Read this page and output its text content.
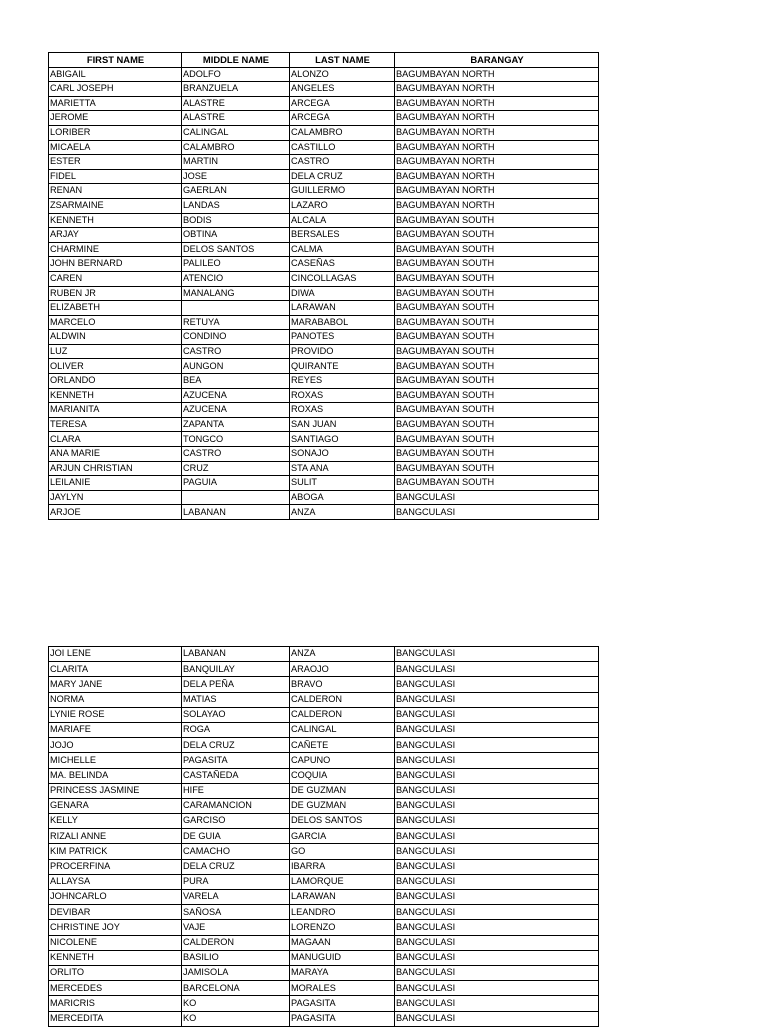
FIRST NAME	MIDDLE NAME	LAST NAME	BARANGAY
ABIGAIL	ADOLFO	ALONZO	BAGUMBAYAN NORTH
CARL JOSEPH	BRANZUELA	ANGELES	BAGUMBAYAN NORTH
MARIETTA	ALASTRE	ARCEGA	BAGUMBAYAN NORTH
JEROME	ALASTRE	ARCEGA	BAGUMBAYAN NORTH
LORIBER	CALINGAL	CALAMBRO	BAGUMBAYAN NORTH
MICAELA	CALAMBRO	CASTILLO	BAGUMBAYAN NORTH
ESTER	MARTIN	CASTRO	BAGUMBAYAN NORTH
FIDEL	JOSE	DELA CRUZ	BAGUMBAYAN NORTH
RENAN	GAERLAN	GUILLERMO	BAGUMBAYAN NORTH
ZSARMAINE	LANDAS	LAZARO	BAGUMBAYAN NORTH
KENNETH	BODIS	ALCALA	BAGUMBAYAN SOUTH
ARJAY	OBTINA	BERSALES	BAGUMBAYAN SOUTH
CHARMINE	DELOS SANTOS	CALMA	BAGUMBAYAN SOUTH
JOHN BERNARD	PALILEO	CASEÑAS	BAGUMBAYAN SOUTH
CAREN	ATENCIO	CINCOLLAGAS	BAGUMBAYAN SOUTH
RUBEN JR	MANALANG	DIWA	BAGUMBAYAN SOUTH
ELIZABETH		LARAWAN	BAGUMBAYAN SOUTH
MARCELO	RETUYA	MARABABOL	BAGUMBAYAN SOUTH
ALDWIN	CONDINO	PANOTES	BAGUMBAYAN SOUTH
LUZ	CASTRO	PROVIDO	BAGUMBAYAN SOUTH
OLIVER	AUNGON	QUIRANTE	BAGUMBAYAN SOUTH
ORLANDO	BEA	REYES	BAGUMBAYAN SOUTH
KENNETH	AZUCENA	ROXAS	BAGUMBAYAN SOUTH
MARIANITA	AZUCENA	ROXAS	BAGUMBAYAN SOUTH
TERESA	ZAPANTA	SAN JUAN	BAGUMBAYAN SOUTH
CLARA	TONGCO	SANTIAGO	BAGUMBAYAN SOUTH
ANA MARIE	CASTRO	SONAJO	BAGUMBAYAN SOUTH
ARJUN CHRISTIAN	CRUZ	STA ANA	BAGUMBAYAN SOUTH
LEILANIE	PAGUIA	SULIT	BAGUMBAYAN SOUTH
JAYLYN		ABOGA	BANGCULASI
ARJOE	LABANAN	ANZA	BANGCULASI
JOI LENE	LABANAN	ANZA	BANGCULASI
CLARITA	BANQUILAY	ARAOJO	BANGCULASI
MARY JANE	DELA PEÑA	BRAVO	BANGCULASI
NORMA	MATIAS	CALDERON	BANGCULASI
LYNIE ROSE	SOLAYAO	CALDERON	BANGCULASI
MARIAFE	ROGA	CALINGAL	BANGCULASI
JOJO	DELA CRUZ	CAÑETE	BANGCULASI
MICHELLE	PAGASITA	CAPUNO	BANGCULASI
MA. BELINDA	CASTAÑEDA	COQUIA	BANGCULASI
PRINCESS JASMINE	HIFE	DE GUZMAN	BANGCULASI
GENARA	CARAMANCION	DE GUZMAN	BANGCULASI
KELLY	GARCISO	DELOS SANTOS	BANGCULASI
RIZALI ANNE	DE GUIA	GARCIA	BANGCULASI
KIM PATRICK	CAMACHO	GO	BANGCULASI
PROCERFINA	DELA CRUZ	IBARRA	BANGCULASI
ALLAYSA	PURA	LAMORQUE	BANGCULASI
JOHNCARLO	VARELA	LARAWAN	BANGCULASI
DEVIBAR	SAÑOSA	LEANDRO	BANGCULASI
CHRISTINE JOY	VAJE	LORENZO	BANGCULASI
NICOLENE	CALDERON	MAGAAN	BANGCULASI
KENNETH	BASILIO	MANUGUID	BANGCULASI
ORLITO	JAMISOLA	MARAYA	BANGCULASI
MERCEDES	BARCELONA	MORALES	BANGCULASI
MARICRIS	KO	PAGASITA	BANGCULASI
MERCEDITA	KO	PAGASITA	BANGCULASI
